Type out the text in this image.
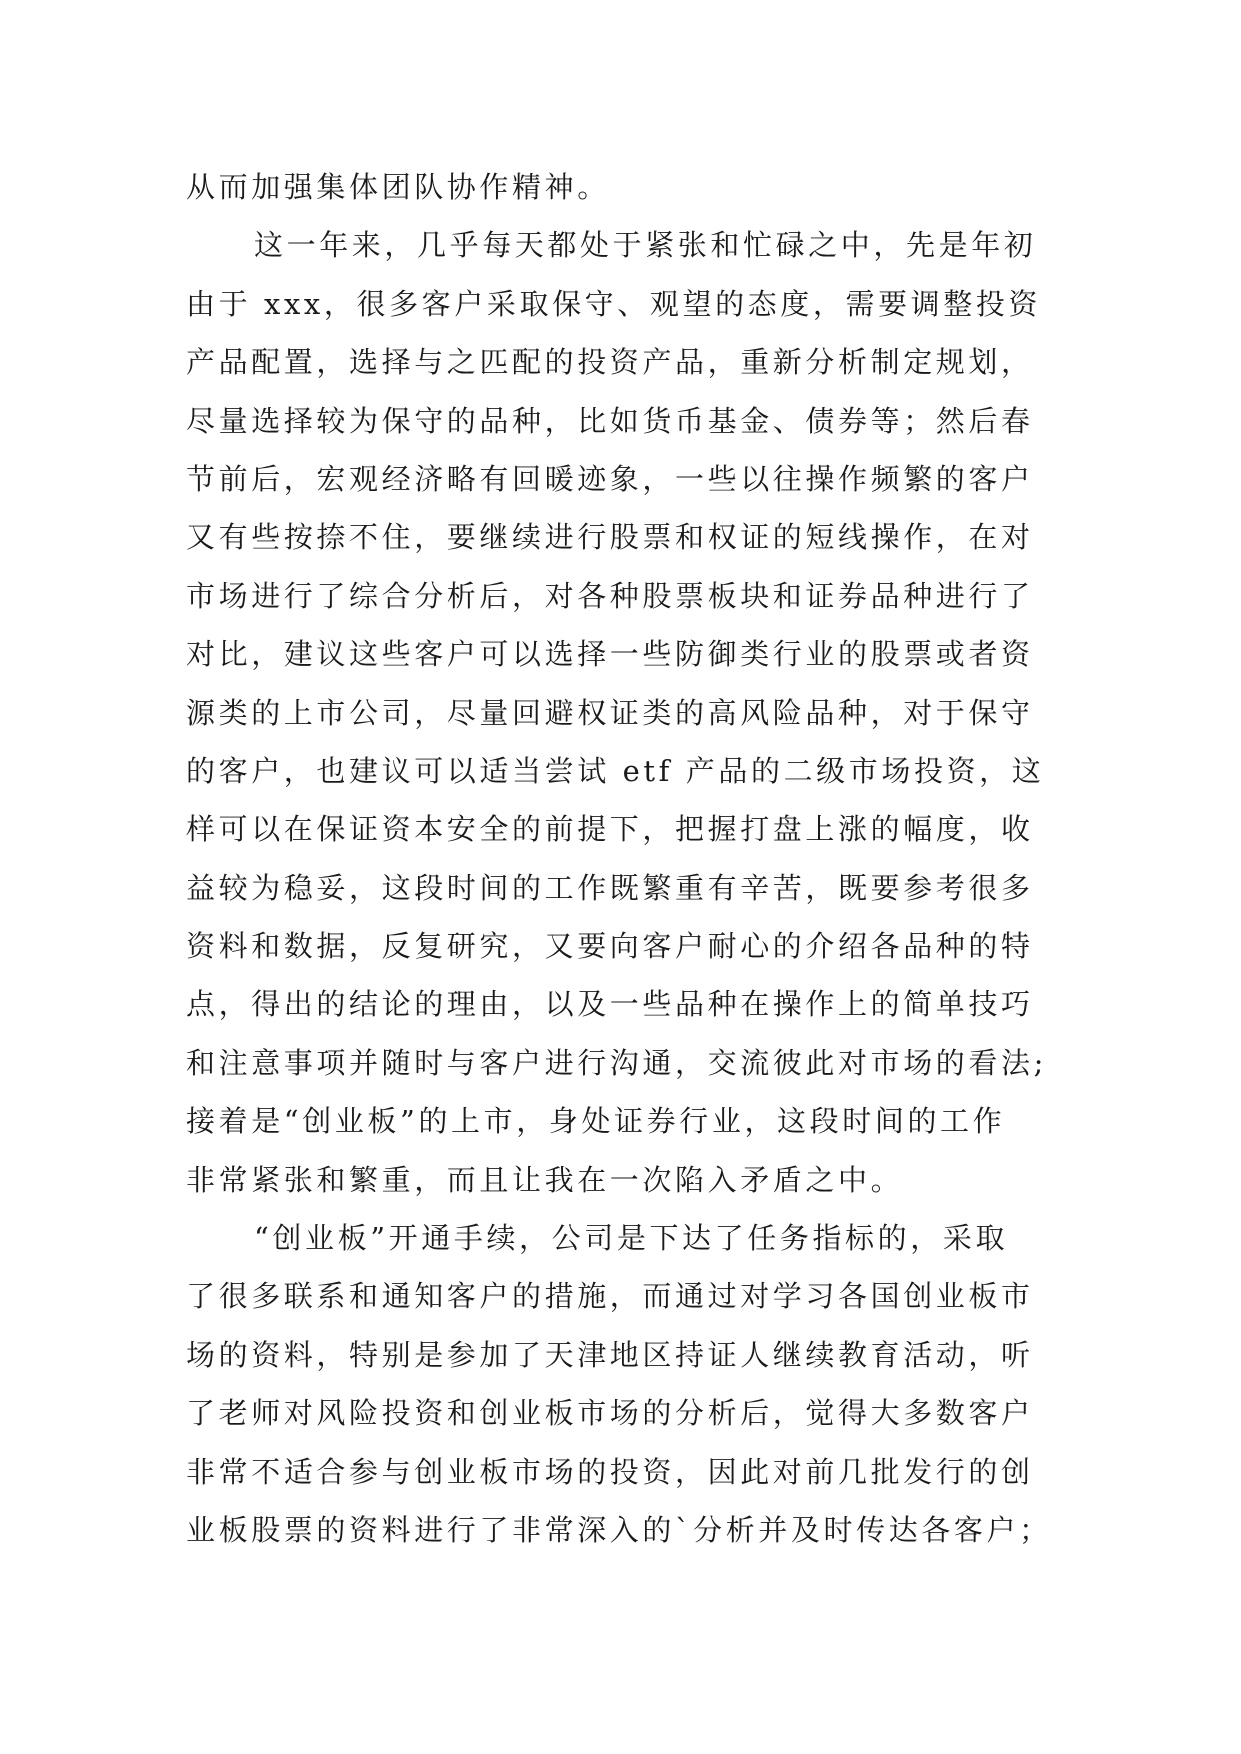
从而加强集体团队协作精神。
这一年来，几乎每天都处于紧张和忙碌之中，先是年初
由于 xxx，很多客户采取保守、观望的态度，需要调整投资
产品配置，选择与之匹配的投资产品，重新分析制定规划，
尽量选择较为保守的品种，比如货币基金、债券等；然后春
节前后，宏观经济略有回暖迹象，一些以往操作频繁的客户
又有些按捺不住，要继续进行股票和权证的短线操作，在对
市场进行了综合分析后，对各种股票板块和证券品种进行了
对比，建议这些客户可以选择一些防御类行业的股票或者资
源类的上市公司，尽量回避权证类的高风险品种，对于保守
的客户，也建议可以适当尝试 etf 产品的二级市场投资，这
样可以在保证资本安全的前提下，把握打盘上涨的幅度，收
益较为稳妥，这段时间的工作既繁重有辛苦，既要参考很多
资料和数据，反复研究，又要向客户耐心的介绍各品种的特
点，得出的结论的理由，以及一些品种在操作上的简单技巧
和注意事项并随时与客户进行沟通，交流彼此对市场的看法;
接着是“创业板”的上市，身处证券行业，这段时间的工作
非常紧张和繁重，而且让我在一次陷入矛盾之中。
“创业板”开通手续，公司是下达了任务指标的，采取
了很多联系和通知客户的措施，而通过对学习各国创业板市
场的资料，特别是参加了天津地区持证人继续教育活动，听
了老师对风险投资和创业板市场的分析后，觉得大多数客户
非常不适合参与创业板市场的投资，因此对前几批发行的创
业板股票的资料进行了非常深入的`分析并及时传达各客户；
